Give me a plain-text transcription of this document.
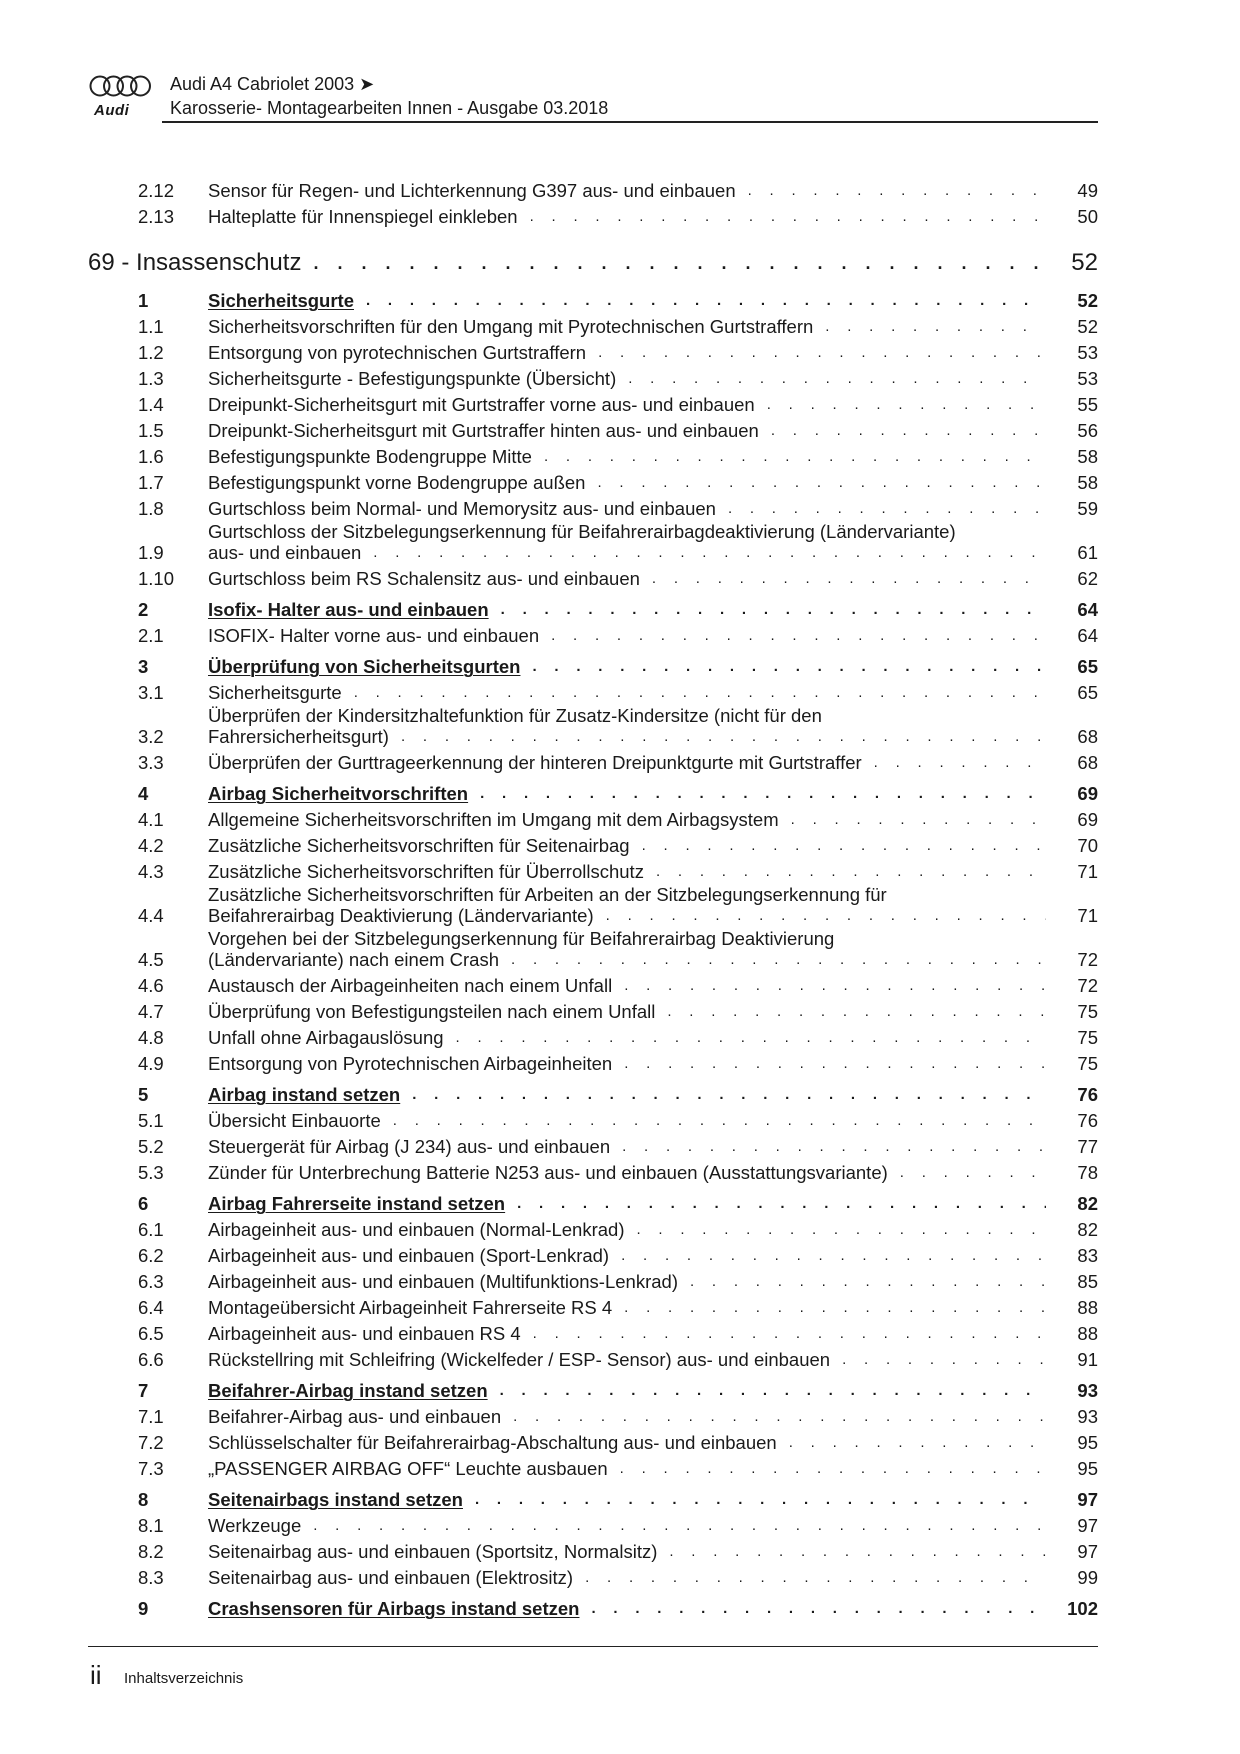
Audi
Audi A4 Cabriolet 2003 ➤
Karosserie- Montagearbeiten Innen - Ausgabe 03.2018
2.12 Sensor für Regen- und Lichterkennung G397 aus- und einbauen . . .	49
2.13 Halteplatte für Innenspiegel einkleben . . .	50
69 - Insassenschutz . . .	52
1	Sicherheitsgurte . . .	52
1.1 Sicherheitsvorschriften für den Umgang mit Pyrotechnischen Gurtstraffern . . .	52
1.2 Entsorgung von pyrotechnischen Gurtstraffern . . .	53
1.3 Sicherheitsgurte - Befestigungspunkte (Übersicht) . . .	53
1.4 Dreipunkt-Sicherheitsgurt mit Gurtstraffer vorne aus- und einbauen . . .	55
1.5 Dreipunkt-Sicherheitsgurt mit Gurtstraffer hinten aus- und einbauen . . .	56
1.6 Befestigungspunkte Bodengruppe Mitte . . .	58
1.7 Befestigungspunkt vorne Bodengruppe außen . . .	58
1.8 Gurtschloss beim Normal- und Memorysitz aus- und einbauen . . .	59
1.9
Gurtschloss der Sitzbelegungserkennung für Beifahrerairbagdeaktivierung (Ländervariante)
aus- und einbauen . . .	61
1.10 Gurtschloss beim RS Schalensitz aus- und einbauen . . .	62
2	Isofix- Halter aus- und einbauen . . .	64
2.1 ISOFIX- Halter vorne aus- und einbauen . . .	64
3	Überprüfung von Sicherheitsgurten . . .	65
3.1 Sicherheitsgurte . . .	65
3.2
Überprüfen der Kindersitzhaltefunktion für Zusatz-Kindersitze (nicht für den
Fahrersicherheitsgurt) . . .	68
3.3 Überprüfen der Gurttrageerkennung der hinteren Dreipunktgurte mit Gurtstraffer . . .	68
4	Airbag Sicherheitvorschriften . . .	69
4.1 Allgemeine Sicherheitsvorschriften im Umgang mit dem Airbagsystem . . .	69
4.2 Zusätzliche Sicherheitsvorschriften für Seitenairbag . . .	70
4.3 Zusätzliche Sicherheitsvorschriften für Überrollschutz . . .	71
4.4
Zusätzliche Sicherheitsvorschriften für Arbeiten an der Sitzbelegungserkennung für
Beifahrerairbag Deaktivierung (Ländervariante) . . .	71
4.5
Vorgehen bei der Sitzbelegungserkennung für Beifahrerairbag Deaktivierung
(Ländervariante) nach einem Crash . . .	72
4.6 Austausch der Airbageinheiten nach einem Unfall . . .	72
4.7 Überprüfung von Befestigungsteilen nach einem Unfall . . .	75
4.8 Unfall ohne Airbagauslösung . . .	75
4.9 Entsorgung von Pyrotechnischen Airbageinheiten . . .	75
5	Airbag instand setzen . . .	76
5.1 Übersicht Einbauorte . . .	76
5.2 Steuergerät für Airbag (J 234) aus- und einbauen . . .	77
5.3 Zünder für Unterbrechung Batterie N253 aus- und einbauen (Ausstattungsvariante) . . .	78
6	Airbag Fahrerseite instand setzen . . .	82
6.1 Airbageinheit aus- und einbauen (Normal-Lenkrad) . . .	82
6.2 Airbageinheit aus- und einbauen (Sport-Lenkrad) . . .	83
6.3 Airbageinheit aus- und einbauen (Multifunktions-Lenkrad) . . .	85
6.4 Montageübersicht Airbageinheit Fahrerseite RS 4 . . .	88
6.5 Airbageinheit aus- und einbauen RS 4 . . .	88
6.6 Rückstellring mit Schleifring (Wickelfeder / ESP- Sensor) aus- und einbauen . . .	91
7	Beifahrer-Airbag instand setzen . . .	93
7.1 Beifahrer-Airbag aus- und einbauen . . .	93
7.2 Schlüsselschalter für Beifahrerairbag-Abschaltung aus- und einbauen . . .	95
7.3 „PASSENGER AIRBAG OFF“ Leuchte ausbauen . . .	95
8	Seitenairbags instand setzen . . .	97
8.1 Werkzeuge . . .	97
8.2 Seitenairbag aus- und einbauen (Sportsitz, Normalsitz) . . .	97
8.3 Seitenairbag aus- und einbauen (Elektrositz) . . .	99
9	Crashsensoren für Airbags instand setzen . . .	102
ii Inhaltsverzeichnis
